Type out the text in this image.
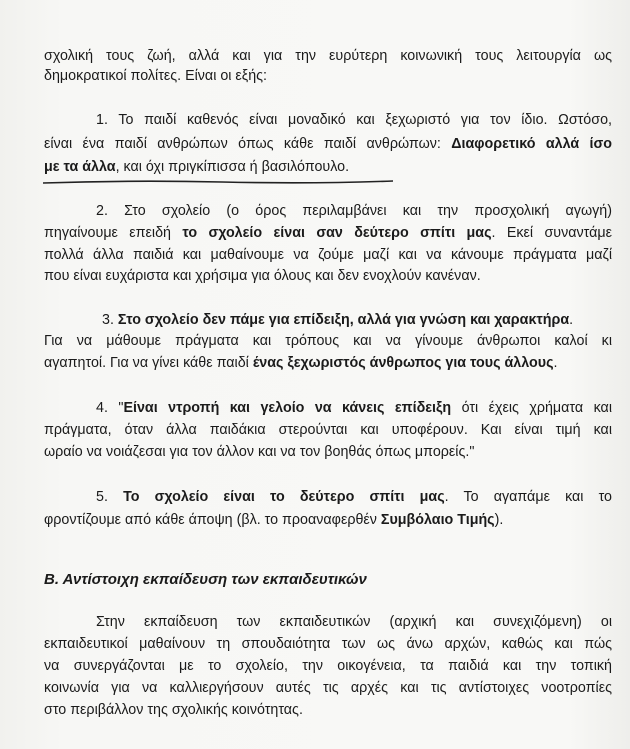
σχολική τους ζωή, αλλά και για την ευρύτερη κοινωνική τους λειτουργία ως
δημοκρατικοί πολίτες. Είναι οι εξής:
1. Το παιδί καθενός είναι μοναδικό και ξεχωριστό για τον ίδιο. Ωστόσο,
είναι ένα παιδί ανθρώπων όπως κάθε παιδί ανθρώπων: Διαφορετικό αλλά ίσο
με τα άλλα, και όχι πριγκίπισσα ή βασιλόπουλο.
2. Στο σχολείο (ο όρος περιλαμβάνει και την προσχολική αγωγή)
πηγαίνουμε επειδή το σχολείο είναι σαν δεύτερο σπίτι μας. Εκεί συναντάμε
πολλά άλλα παιδιά και μαθαίνουμε να ζούμε μαζί και να κάνουμε πράγματα μαζί
που είναι ευχάριστα και χρήσιμα για όλους και δεν ενοχλούν κανέναν.
3. Στο σχολείο δεν πάμε για επίδειξη, αλλά για γνώση και χαρακτήρα.
Για να μάθουμε πράγματα και τρόπους και να γίνουμε άνθρωποι καλοί κι
αγαπητοί. Για να γίνει κάθε παιδί ένας ξεχωριστός άνθρωπος για τους άλλους.
4. "Είναι ντροπή και γελοίο να κάνεις επίδειξη ότι έχεις χρήματα και
πράγματα, όταν άλλα παιδάκια στερούνται και υποφέρουν. Και είναι τιμή και
ωραίο να νοιάζεσαι για τον άλλον και να τον βοηθάς όπως μπορείς."
5. Το σχολείο είναι το δεύτερο σπίτι μας. Το αγαπάμε και το
φροντίζουμε από κάθε άποψη (βλ. το προαναφερθέν Συμβόλαιο Τιμής).
Β. Αντίστοιχη εκπαίδευση των εκπαιδευτικών
Στην εκπαίδευση των εκπαιδευτικών (αρχική και συνεχιζόμενη) οι
εκπαιδευτικοί μαθαίνουν τη σπουδαιότητα των ως άνω αρχών, καθώς και πώς
να συνεργάζονται με το σχολείο, την οικογένεια, τα παιδιά και την τοπική
κοινωνία για να καλλιεργήσουν αυτές τις αρχές και τις αντίστοιχες νοοτροπίες
στο περιβάλλον της σχολικής κοινότητας.
